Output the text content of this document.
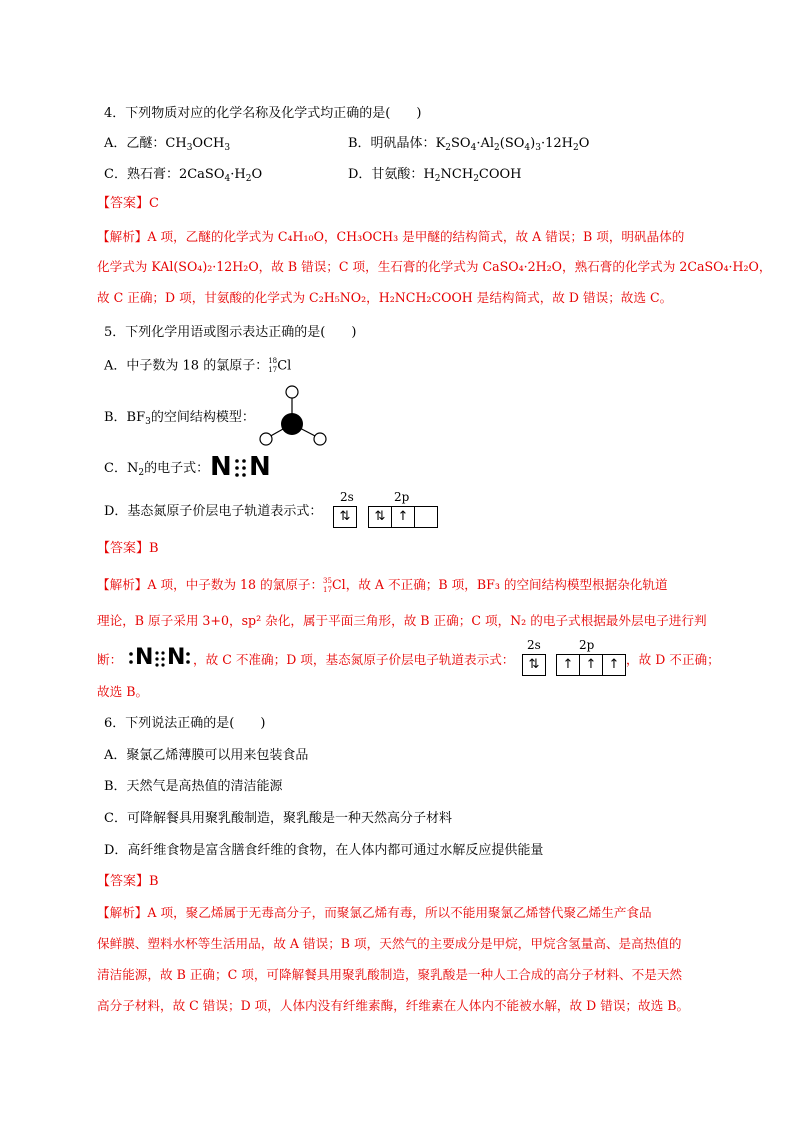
4．下列物质对应的化学名称及化学式均正确的是(　　)
A．乙醚：$CH_3OCH_3$	B．明矾晶体：$K_2SO_4\cdot Al_2(SO_4)_3\cdot 12H_2O$
C．熟石膏：$2CaSO_4\cdot H_2O$	D．甘氨酸：$H_2NCH_2COOH$
【答案】C
【解析】A 项，乙醚的化学式为 C₄H₁₀O，CH₃OCH₃ 是甲醚的结构简式，故 A 错误；B 项，明矾晶体的
化学式为 KAl(SO₄)₂·12H₂O，故 B 错误；C 项，生石膏的化学式为 CaSO₄·2H₂O，熟石膏的化学式为 2CaSO₄·H₂O，
故 C 正确；D 项，甘氨酸的化学式为 C₂H₅NO₂，H₂NCH₂COOH 是结构简式，故 D 错误；故选 C。
5．下列化学用语或图示表达正确的是(　　)
A．中子数为 18 的氯原子： 18
17 Cl
B．$BF_3$的空间结构模型：
C．$N_2$的电子式： N N
D．基态氮原子价层电子轨道表示式：
2s	2p
⇅	⇅ ↑
【答案】B
【解析】A 项，中子数为 18 的氯原子： 35
17 Cl，故 A 不正确；B 项，BF₃ 的空间结构模型根据杂化轨道
理论，B 原子采用 3+0，sp² 杂化，属于平面三角形，故 B 正确；C 项，N₂ 的电子式根据最外层电子进行判
断： N N ，故 C 不准确；D 项，基态氮原子价层电子轨道表示式：
2s	2p
⇅	↑ ↑ ↑ ，故 D 不正确；
故选 B。
6．下列说法正确的是(　　)
A．聚氯乙烯薄膜可以用来包装食品
B．天然气是高热值的清洁能源
C．可降解餐具用聚乳酸制造，聚乳酸是一种天然高分子材料
D．高纤维食物是富含膳食纤维的食物，在人体内都可通过水解反应提供能量
【答案】B
【解析】A 项，聚乙烯属于无毒高分子，而聚氯乙烯有毒，所以不能用聚氯乙烯替代聚乙烯生产食品
保鲜膜、塑料水杯等生活用品，故 A 错误；B 项，天然气的主要成分是甲烷，甲烷含氢量高、是高热值的
清洁能源，故 B 正确；C 项，可降解餐具用聚乳酸制造，聚乳酸是一种人工合成的高分子材料、不是天然
高分子材料，故 C 错误；D 项，人体内没有纤维素酶，纤维素在人体内不能被水解，故 D 错误；故选 B。
